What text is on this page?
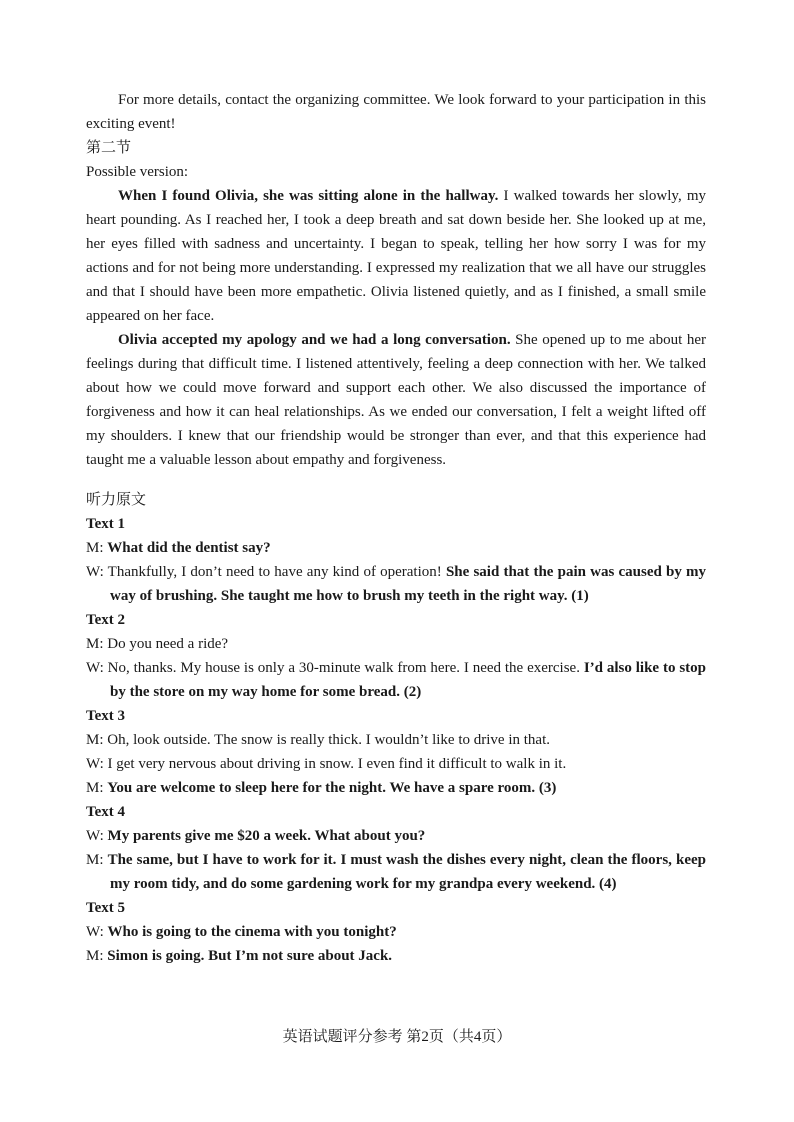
For more details, contact the organizing committee. We look forward to your participation in this exciting event!

第二节

Possible version:

When I found Olivia, she was sitting alone in the hallway. I walked towards her slowly, my heart pounding. As I reached her, I took a deep breath and sat down beside her. She looked up at me, her eyes filled with sadness and uncertainty. I began to speak, telling her how sorry I was for my actions and for not being more understanding. I expressed my realization that we all have our struggles and that I should have been more empathetic. Olivia listened quietly, and as I finished, a small smile appeared on her face.

Olivia accepted my apology and we had a long conversation. She opened up to me about her feelings during that difficult time. I listened attentively, feeling a deep connection with her. We talked about how we could move forward and support each other. We also discussed the importance of forgiveness and how it can heal relationships. As we ended our conversation, I felt a weight lifted off my shoulders. I knew that our friendship would be stronger than ever, and that this experience had taught me a valuable lesson about empathy and forgiveness.

听力原文

Text 1

M: What did the dentist say?

W: Thankfully, I don’t need to have any kind of operation! She said that the pain was caused by my way of brushing. She taught me how to brush my teeth in the right way. (1)

Text 2

M: Do you need a ride?

W: No, thanks. My house is only a 30-minute walk from here. I need the exercise. I’d also like to stop by the store on my way home for some bread. (2)

Text 3

M: Oh, look outside. The snow is really thick. I wouldn’t like to drive in that.

W: I get very nervous about driving in snow. I even find it difficult to walk in it.

M: You are welcome to sleep here for the night. We have a spare room. (3)

Text 4

W: My parents give me $20 a week. What about you?

M: The same, but I have to work for it. I must wash the dishes every night, clean the floors, keep my room tidy, and do some gardening work for my grandpa every weekend. (4)

Text 5

W: Who is going to the cinema with you tonight?

M: Simon is going. But I’m not sure about Jack.

英语试题评分参考 第2页（共4页）
